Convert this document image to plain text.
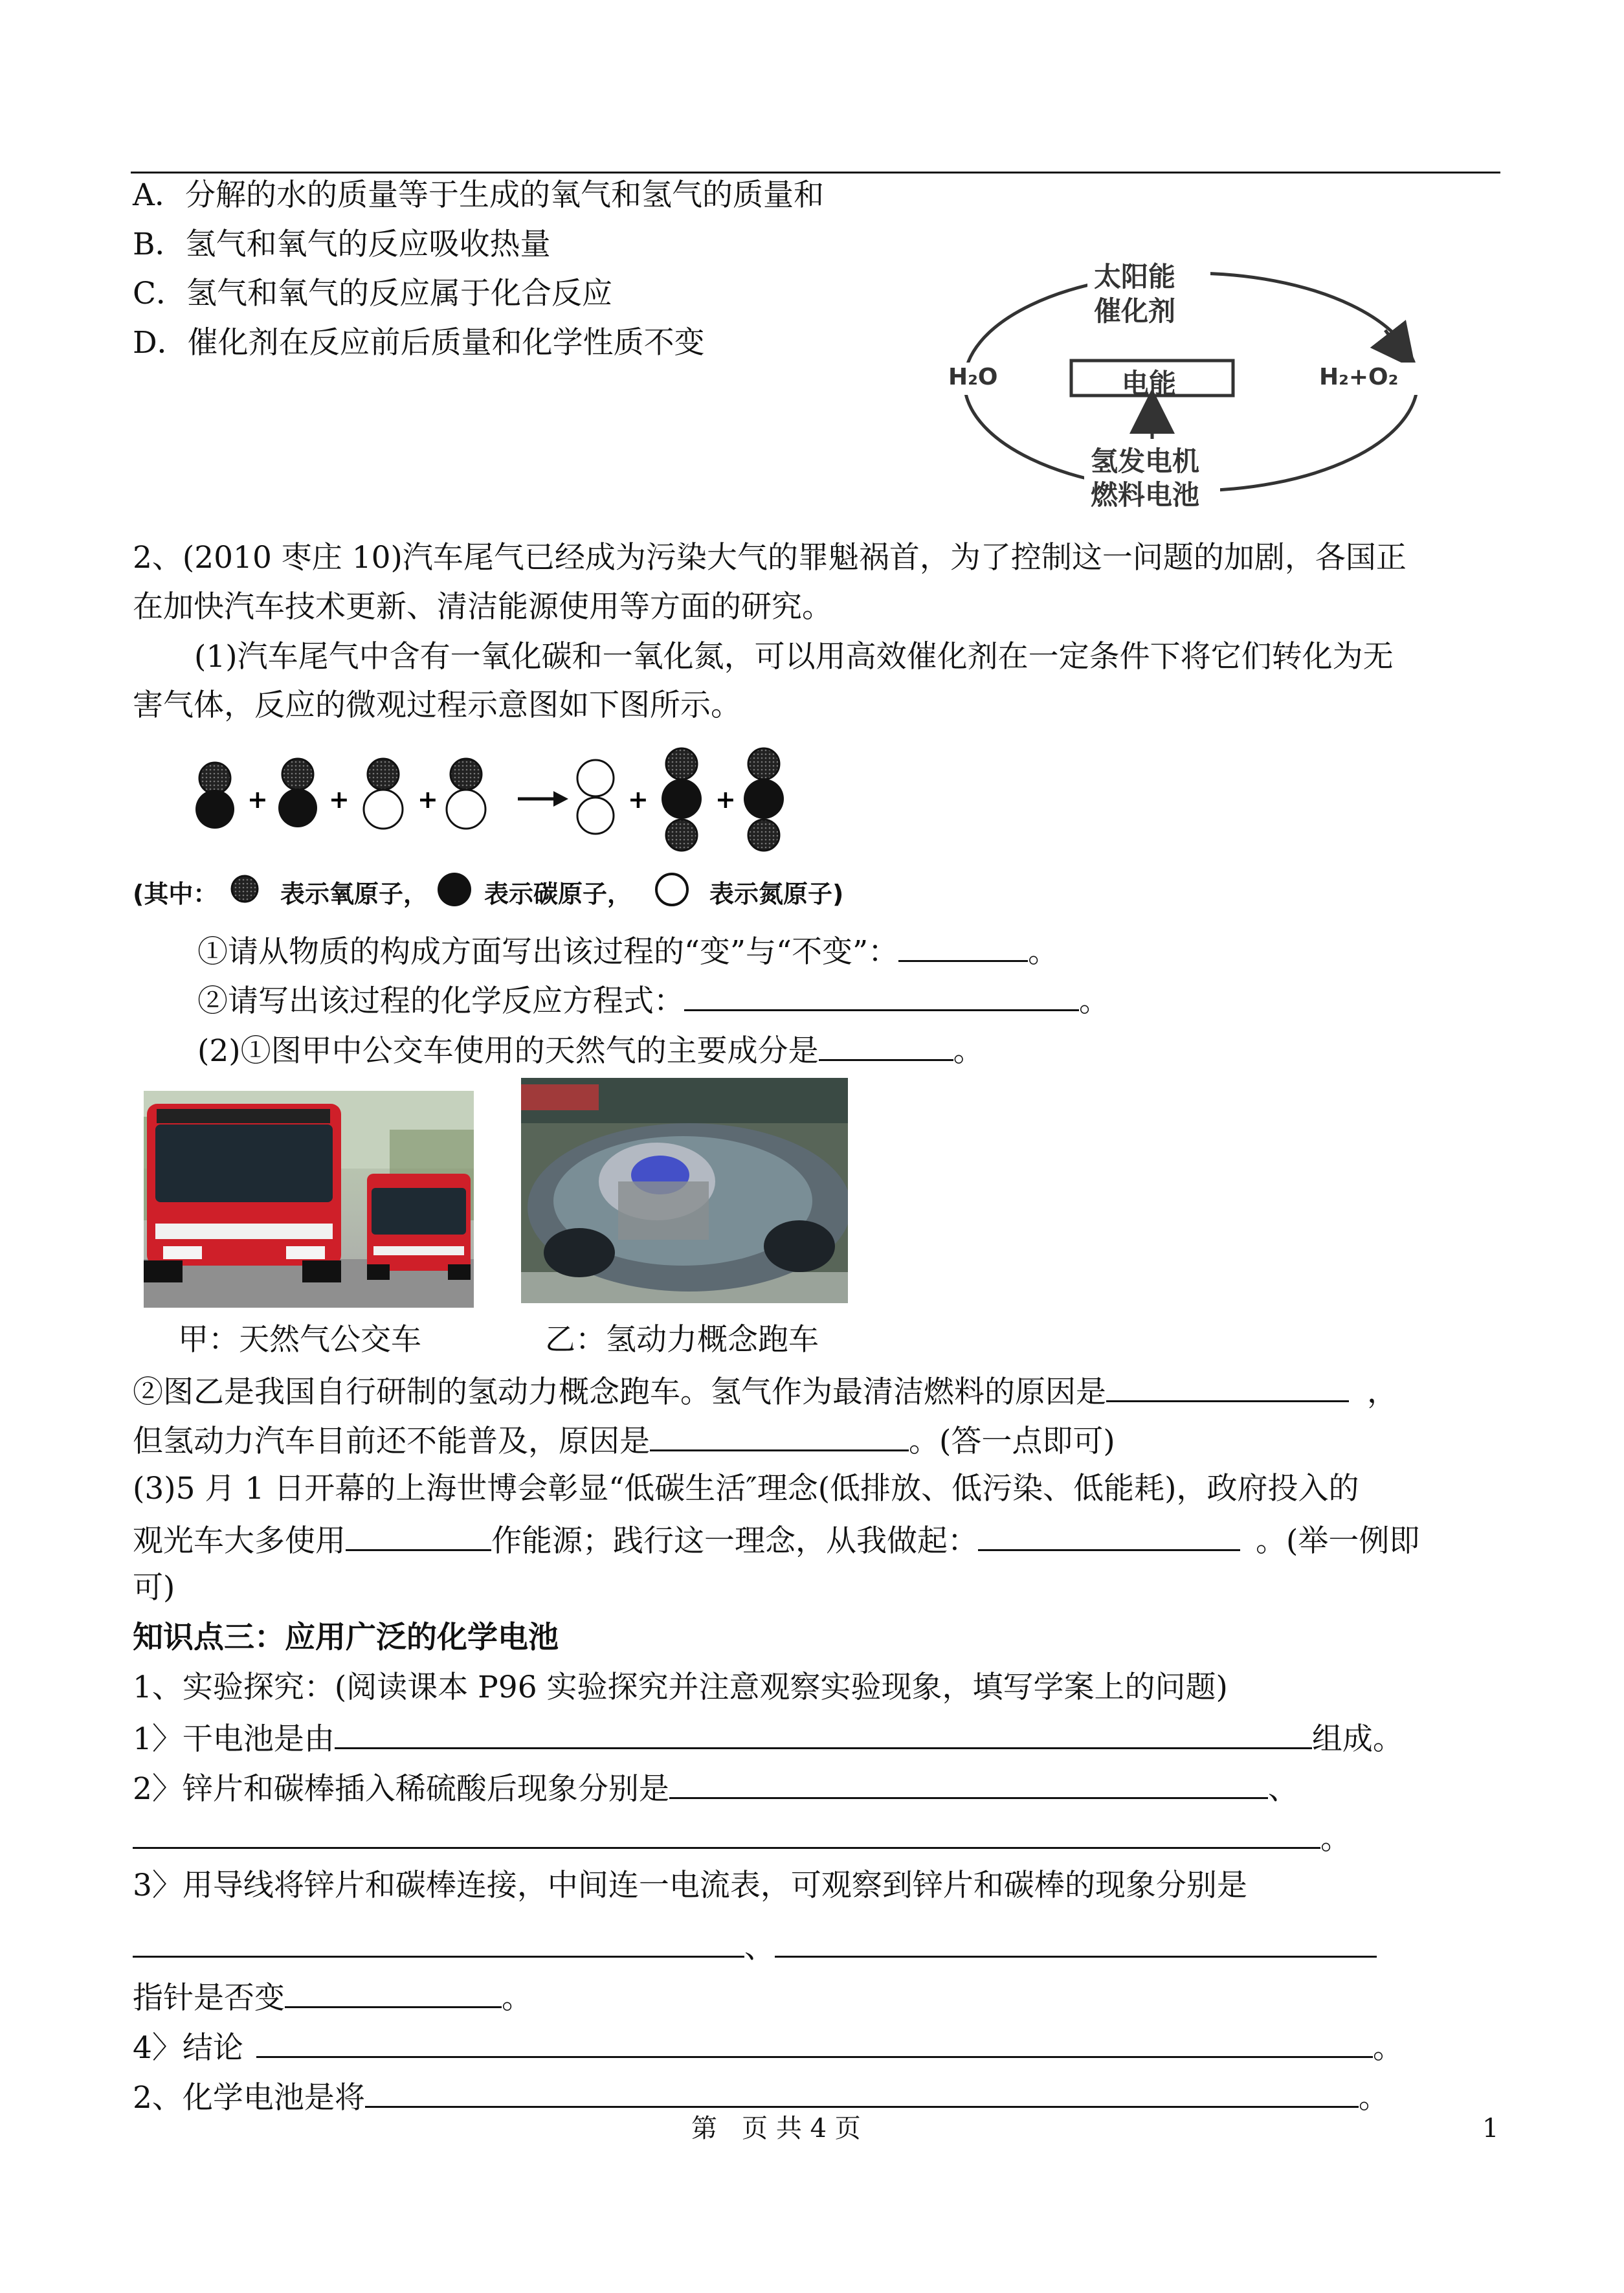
A．分解的水的质量等于生成的氧气和氢气的质量和
B．氢气和氧气的反应吸收热量
C．氢气和氧气的反应属于化合反应
D．催化剂在反应前后质量和化学性质不变
太阳能
催化剂
H₂O	H₂+O₂
电能
氢发电机
燃料电池
2、(2010 枣庄 10)汽车尾气已经成为污染大气的罪魁祸首，为了控制这一问题的加剧，各国正
在加快汽车技术更新、清洁能源使用等方面的研究。
(1)汽车尾气中含有一氧化碳和一氧化氮，可以用高效催化剂在一定条件下将它们转化为无
害气体，反应的微观过程示意图如下图所示。
+ +	+	+	+
(其中：	表示氧原子， 表示碳原子，	表示氮原子)
①请从物质的构成方面写出该过程的“变”与“不变”：	。
②请写出该过程的化学反应方程式：	。
(2)①图甲中公交车使用的天然气的主要成分是	。
甲：天然气公交车	乙：氢动力概念跑车
②图乙是我国自行研制的氢动力概念跑车。氢气作为最清洁燃料的原因是	，
但氢动力汽车目前还不能普及，原因是	。(答一点即可)
(3)5 月 1 日开幕的上海世博会彰显“低碳生活″理念(低排放、低污染、低能耗)，政府投入的
观光车大多使用	作能源；践行这一理念，从我做起：	。(举一例即
可)
知识点三：应用广泛的化学电池
1、实验探究：(阅读课本 P96 实验探究并注意观察实验现象，填写学案上的问题)
1〉干电池是由	组成。
2〉锌片和碳棒插入稀硫酸后现象分别是	、
。
3〉用导线将锌片和碳棒连接，中间连一电流表，可观察到锌片和碳棒的现象分别是
、
指针是否变	。
4〉结论	。
2、化学电池是将	。
第   页 共 4 页	1
